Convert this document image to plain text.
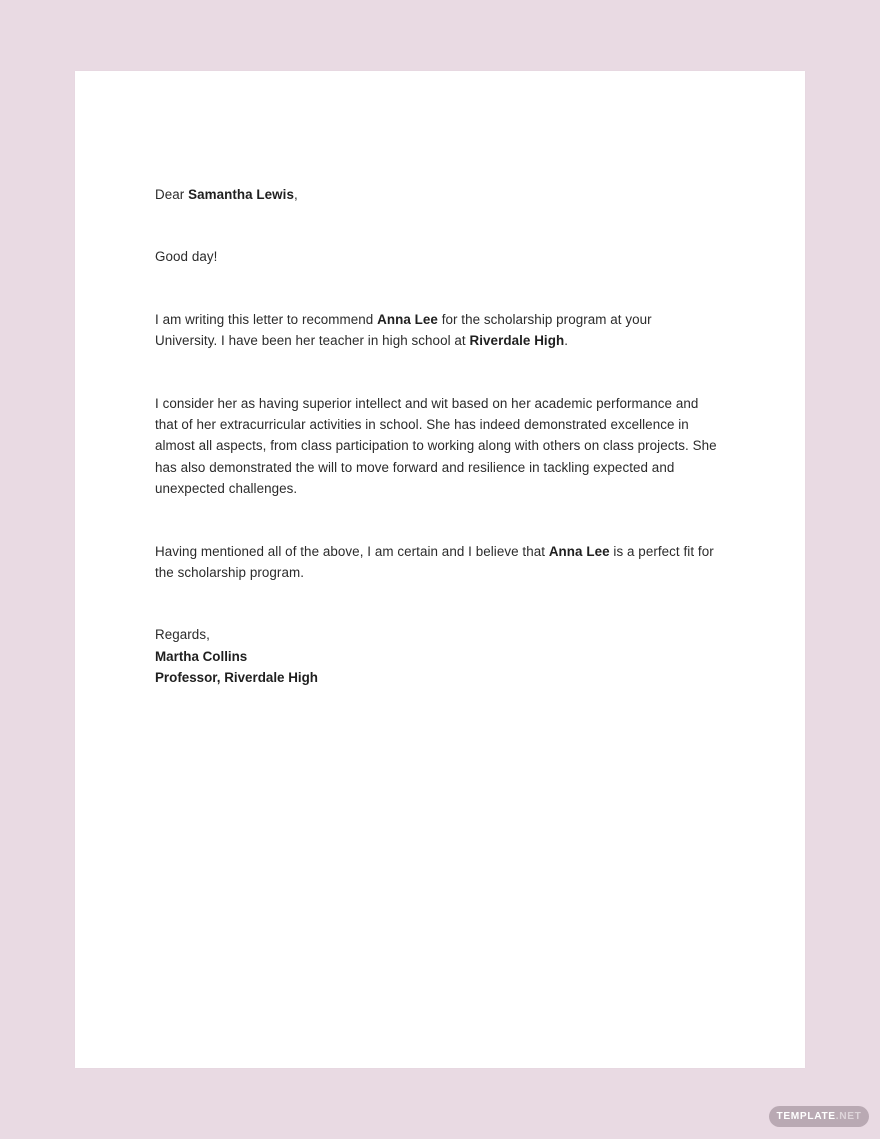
Dear Samantha Lewis,

Good day!

I am writing this letter to recommend Anna Lee for the scholarship program at your University. I have been her teacher in high school at Riverdale High.

I consider her as having superior intellect and wit based on her academic performance and that of her extracurricular activities in school. She has indeed demonstrated excellence in almost all aspects, from class participation to working along with others on class projects. She has also demonstrated the will to move forward and resilience in tackling expected and unexpected challenges.

Having mentioned all of the above, I am certain and I believe that Anna Lee is a perfect fit for the scholarship program.

Regards,

Martha Collins

Professor, Riverdale High

TEMPLATE .NET
